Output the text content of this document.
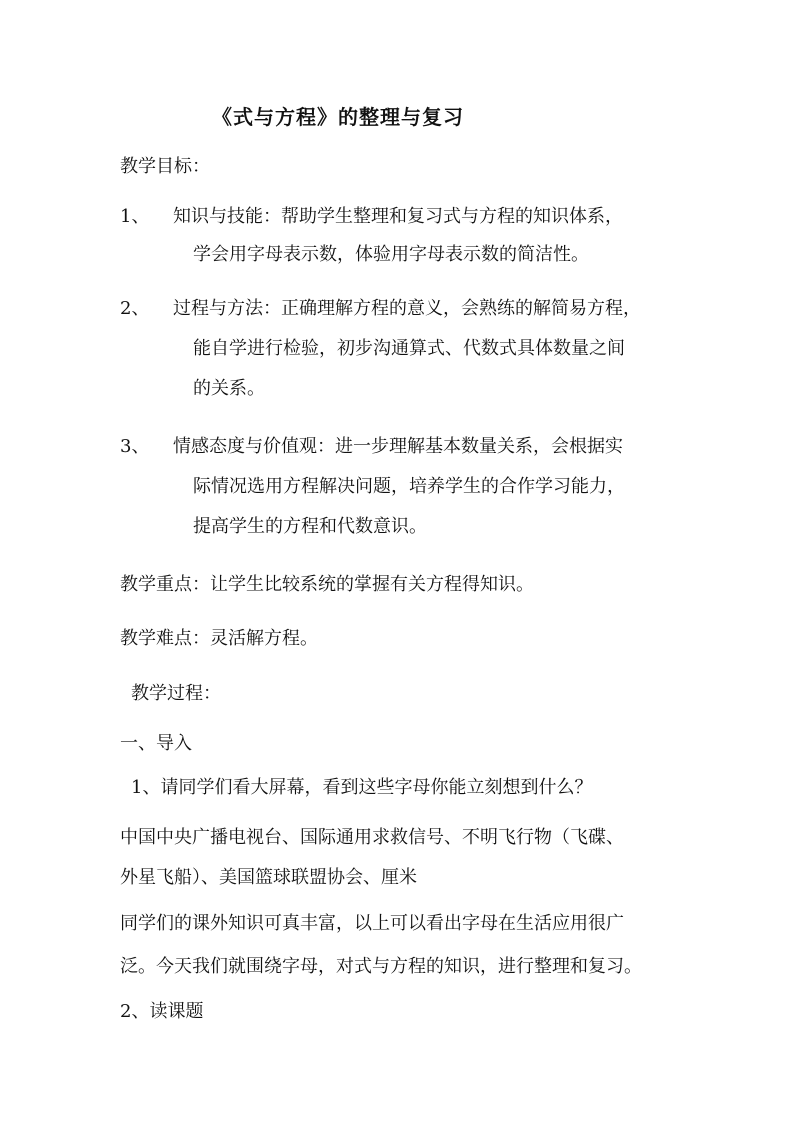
《式与方程》的整理与复习

教学目标：

1、 知识与技能：帮助学生整理和复习式与方程的知识体系，

学会用字母表示数，体验用字母表示数的简洁性。

2、 过程与方法：正确理解方程的意义，会熟练的解简易方程，

能自学进行检验，初步沟通算式、代数式具体数量之间

的关系。

3、 情感态度与价值观：进一步理解基本数量关系，会根据实

际情况选用方程解决问题，培养学生的合作学习能力，

提高学生的方程和代数意识。

教学重点：让学生比较系统的掌握有关方程得知识。

教学难点：灵活解方程。

教学过程：

一、导入

1、请同学们看大屏幕，看到这些字母你能立刻想到什么？

中国中央广播电视台、国际通用求救信号、不明飞行物（飞碟、

外星飞船）、美国篮球联盟协会、厘米

同学们的课外知识可真丰富，以上可以看出字母在生活应用很广

泛。今天我们就围绕字母，对式与方程的知识，进行整理和复习。

2、读课题
